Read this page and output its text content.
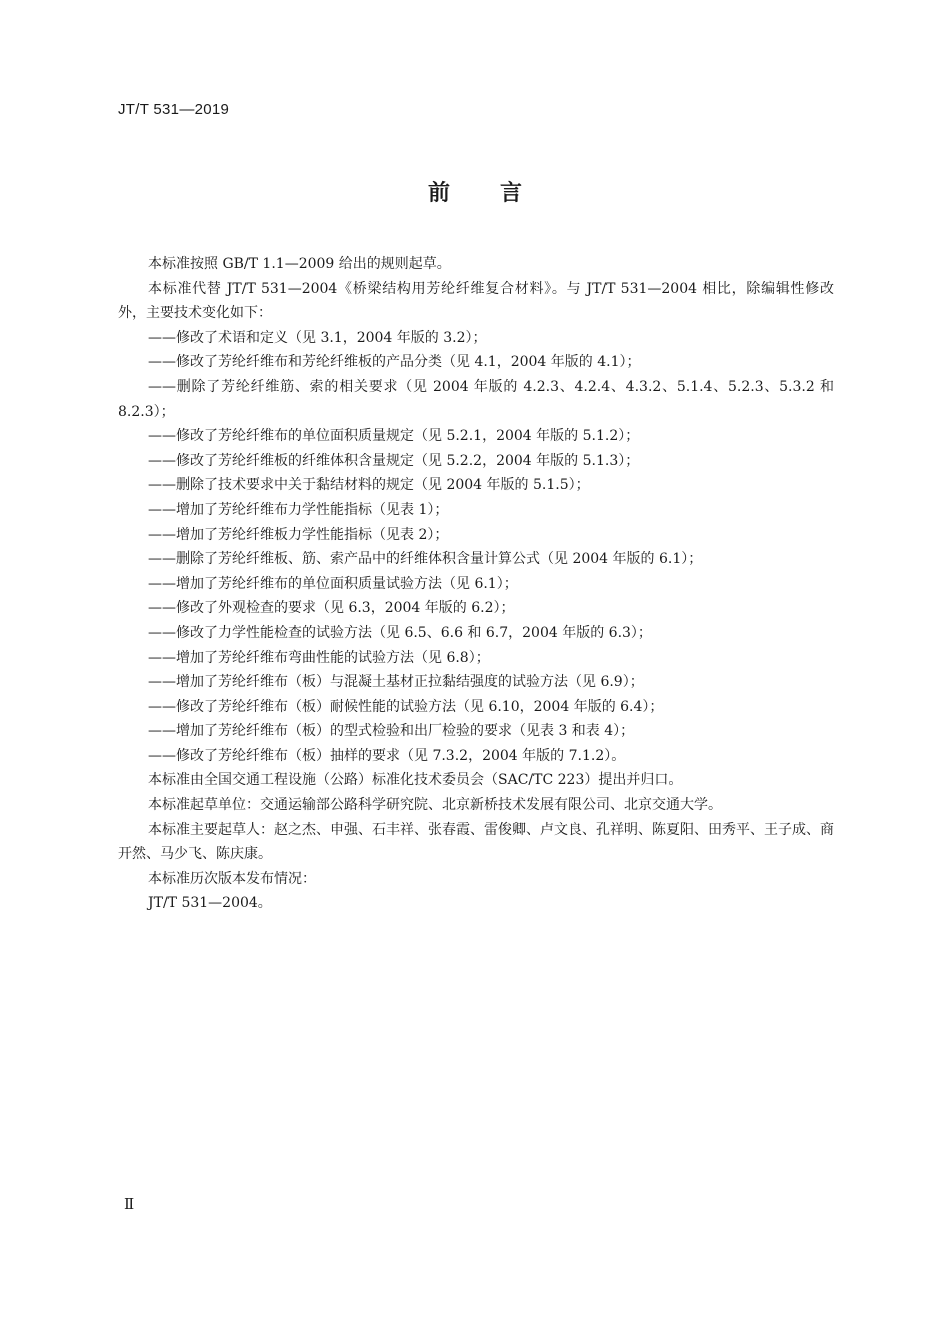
JT/T 531—2019
前 言

本标准按照 GB/T 1.1—2009 给出的规则起草。

本标准代替 JT/T 531—2004《桥梁结构用芳纶纤维复合材料》。与 JT/T 531—2004 相比，除编辑性修改外，主要技术变化如下：

——修改了术语和定义（见 3.1，2004 年版的 3.2）；

——修改了芳纶纤维布和芳纶纤维板的产品分类（见 4.1，2004 年版的 4.1）；

——删除了芳纶纤维筋、索的相关要求（见 2004 年版的 4.2.3、4.2.4、4.3.2、5.1.4、5.2.3、5.3.2 和 8.2.3）；

——修改了芳纶纤维布的单位面积质量规定（见 5.2.1，2004 年版的 5.1.2）；

——修改了芳纶纤维板的纤维体积含量规定（见 5.2.2，2004 年版的 5.1.3）；

——删除了技术要求中关于黏结材料的规定（见 2004 年版的 5.1.5）；

——增加了芳纶纤维布力学性能指标（见表 1）；

——增加了芳纶纤维板力学性能指标（见表 2）；

——删除了芳纶纤维板、筋、索产品中的纤维体积含量计算公式（见 2004 年版的 6.1）；

——增加了芳纶纤维布的单位面积质量试验方法（见 6.1）；

——修改了外观检查的要求（见 6.3，2004 年版的 6.2）；

——修改了力学性能检查的试验方法（见 6.5、6.6 和 6.7，2004 年版的 6.3）；

——增加了芳纶纤维布弯曲性能的试验方法（见 6.8）；

——增加了芳纶纤维布（板）与混凝土基材正拉黏结强度的试验方法（见 6.9）；

——修改了芳纶纤维布（板）耐候性能的试验方法（见 6.10，2004 年版的 6.4）；

——增加了芳纶纤维布（板）的型式检验和出厂检验的要求（见表 3 和表 4）；

——修改了芳纶纤维布（板）抽样的要求（见 7.3.2，2004 年版的 7.1.2）。

本标准由全国交通工程设施（公路）标准化技术委员会（SAC/TC 223）提出并归口。

本标准起草单位：交通运输部公路科学研究院、北京新桥技术发展有限公司、北京交通大学。

本标准主要起草人：赵之杰、申强、石丰祥、张春霞、雷俊卿、卢文良、孔祥明、陈夏阳、田秀平、王子成、商开然、马少飞、陈庆康。

本标准历次版本发布情况：

JT/T 531—2004。

Ⅱ
